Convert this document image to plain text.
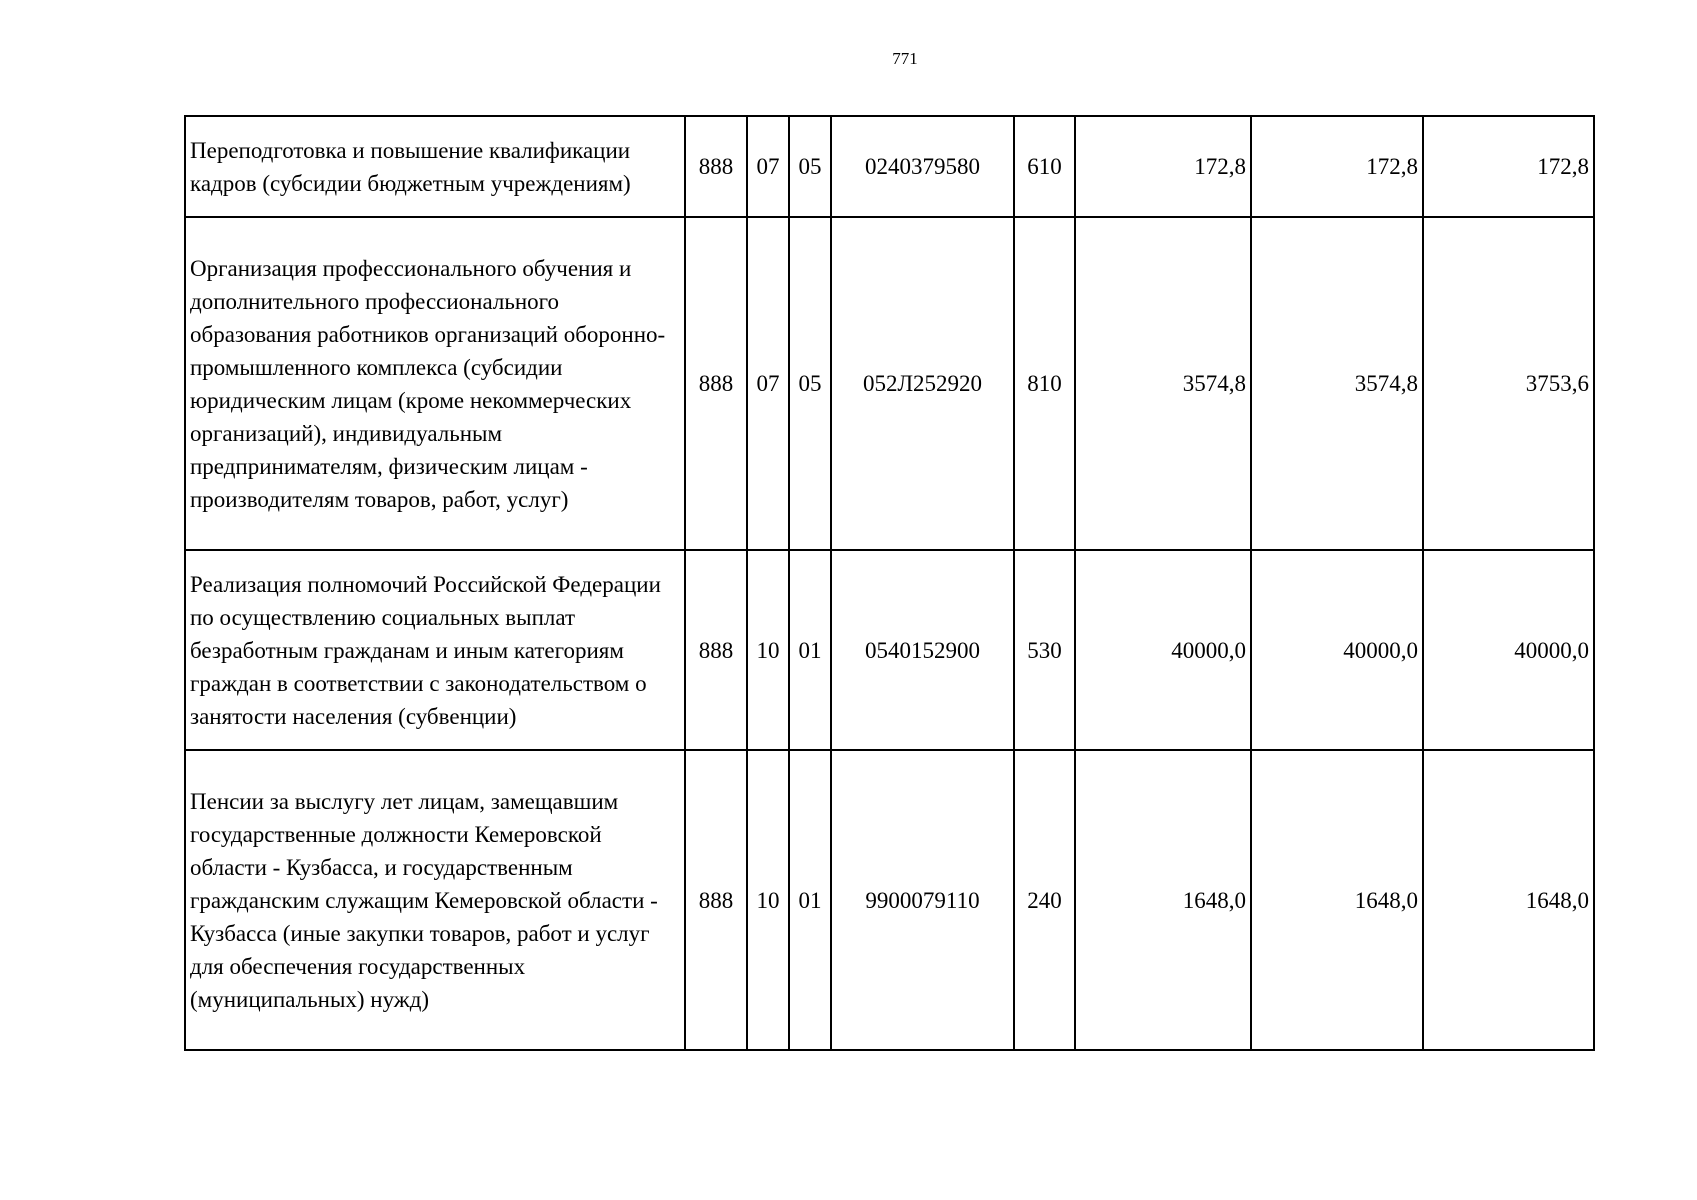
771
Переподготовка и повышение квалификации кадров (субсидии бюджетным учреждениям)	888	07	05	0240379580	610	172,8	172,8	172,8
Организация профессионального обучения и дополнительного профессионального образования работников организаций оборонно-промышленного комплекса (субсидии юридическим лицам (кроме некоммерческих организаций), индивидуальным предпринимателям, физическим лицам - производителям товаров, работ, услуг)	888	07	05	052Л252920	810	3574,8	3574,8	3753,6
Реализация полномочий Российской Федерации по осуществлению социальных выплат безработным гражданам и иным категориям граждан в соответствии с законодательством о занятости населения (субвенции)	888	10	01	0540152900	530	40000,0	40000,0	40000,0
Пенсии за выслугу лет лицам, замещавшим государственные должности Кемеровской области - Кузбасса, и государственным гражданским служащим Кемеровской области - Кузбасса (иные закупки товаров, работ и услуг для обеспечения государственных (муниципальных) нужд)	888	10	01	9900079110	240	1648,0	1648,0	1648,0
